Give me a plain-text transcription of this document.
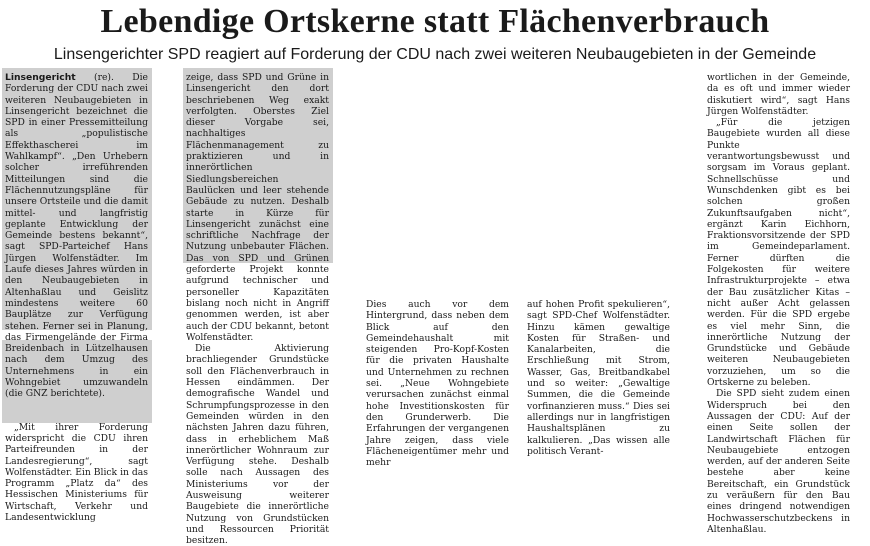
Lebendige Ortskerne statt Flächenverbrauch
Linsengerichter SPD reagiert auf Forderung der CDU nach zwei weiteren Neubaugebieten in der Gemeinde

Linsengericht (re). Die Forderung der CDU nach zwei weiteren Neubaugebieten in Linsengericht bezeichnet die SPD in einer Pressemitteilung als „populistische Effekthascherei im Wahlkampf“. „Den Urhebern solcher irreführenden Mitteilungen sind die Flächennutzungspläne für unsere Ortsteile und die damit mittel- und langfristig geplante Entwicklung der Gemeinde bestens bekannt“, sagt SPD-Parteichef Hans Jürgen Wolfenstädter. Im Laufe dieses Jahres würden in den Neubaugebieten in Altenhaßlau und Geislitz mindestens weitere 60 Bauplätze zur Verfügung stehen. Ferner sei in Planung, das Firmengelände der Firma Breidenbach in Lützelhausen nach dem Umzug des Unternehmens in ein Wohngebiet umzuwandeln (die GNZ berichtete).

„Mit ihrer Forderung widerspricht die CDU ihren Parteifreunden in der Landesregierung“, sagt Wolfenstädter. Ein Blick in das Programm „Platz da“ des Hessischen Ministeriums für Wirtschaft, Verkehr und Landesentwicklung

zeige, dass SPD und Grüne in Linsengericht den dort beschriebenen Weg exakt verfolgten. Oberstes Ziel dieser Vorgabe sei, nachhaltiges Flächenmanagement zu praktizieren und in innerörtlichen Siedlungsbereichen Baulücken und leer stehende Gebäude zu nutzen. Deshalb starte in Kürze für Linsengericht zunächst eine schriftliche Nachfrage der Nutzung unbebauter Flächen. Das von SPD und Grünen geforderte Projekt konnte aufgrund technischer und personeller Kapazitäten bislang noch nicht in Angriff genommen werden, ist aber auch der CDU bekannt, betont Wolfenstädter.

Die Aktivierung brachliegender Grundstücke soll den Flächenverbrauch in Hessen eindämmen. Der demografische Wandel und Schrumpfungsprozesse in den Gemeinden würden in den nächsten Jahren dazu führen, dass in erheblichem Maß innerörtlicher Wohnraum zur Verfügung stehe. Deshalb solle nach Aussagen des Ministeriums vor der Ausweisung weiterer Baugebiete die innerörtliche Nutzung von Grundstücken und Ressourcen Priorität besitzen.

Dies auch vor dem Hintergrund, dass neben dem Blick auf den Gemeindehaushalt mit steigenden Pro-Kopf-Kosten für die privaten Haushalte und Unternehmen zu rechnen sei. „Neue Wohngebiete verursachen zunächst einmal hohe Investitionskosten für den Grunderwerb. Die Erfahrungen der vergangenen Jahre zeigen, dass viele Flächeneigentümer mehr und mehr

auf hohen Profit spekulieren“, sagt SPD-Chef Wolfenstädter. Hinzu kämen gewaltige Kosten für Straßen- und Kanalarbeiten, die Erschließung mit Strom, Wasser, Gas, Breitbandkabel und so weiter: „Gewaltige Summen, die die Gemeinde vorfinanzieren muss.“ Dies sei allerdings nur in langfristigen Haushaltsplänen zu kalkulieren. „Das wissen alle politisch Verant-

wortlichen in der Gemeinde, da es oft und immer wieder diskutiert wird“, sagt Hans Jürgen Wolfenstädter.

„Für die jetzigen Baugebiete wurden all diese Punkte verantwortungsbewusst und sorgsam im Voraus geplant. Schnellschüsse und Wunschdenken gibt es bei solchen großen Zukunftsaufgaben nicht“, ergänzt Karin Eichhorn, Fraktionsvorsitzende der SPD im Gemeindeparlament. Ferner dürften die Folgekosten für weitere Infrastrukturprojekte – etwa der Bau zusätzlicher Kitas – nicht außer Acht gelassen werden. Für die SPD ergebe es viel mehr Sinn, die innerörtliche Nutzung der Grundstücke und Gebäude weiteren Neubaugebieten vorzuziehen, um so die Ortskerne zu beleben.

Die SPD sieht zudem einen Widerspruch bei den Aussagen der CDU: Auf der einen Seite sollen der Landwirtschaft Flächen für Neubaugebiete entzogen werden, auf der anderen Seite bestehe aber keine Bereitschaft, ein Grundstück zu veräußern für den Bau eines dringend notwendigen Hochwasserschutzbeckens in Altenhaßlau.
